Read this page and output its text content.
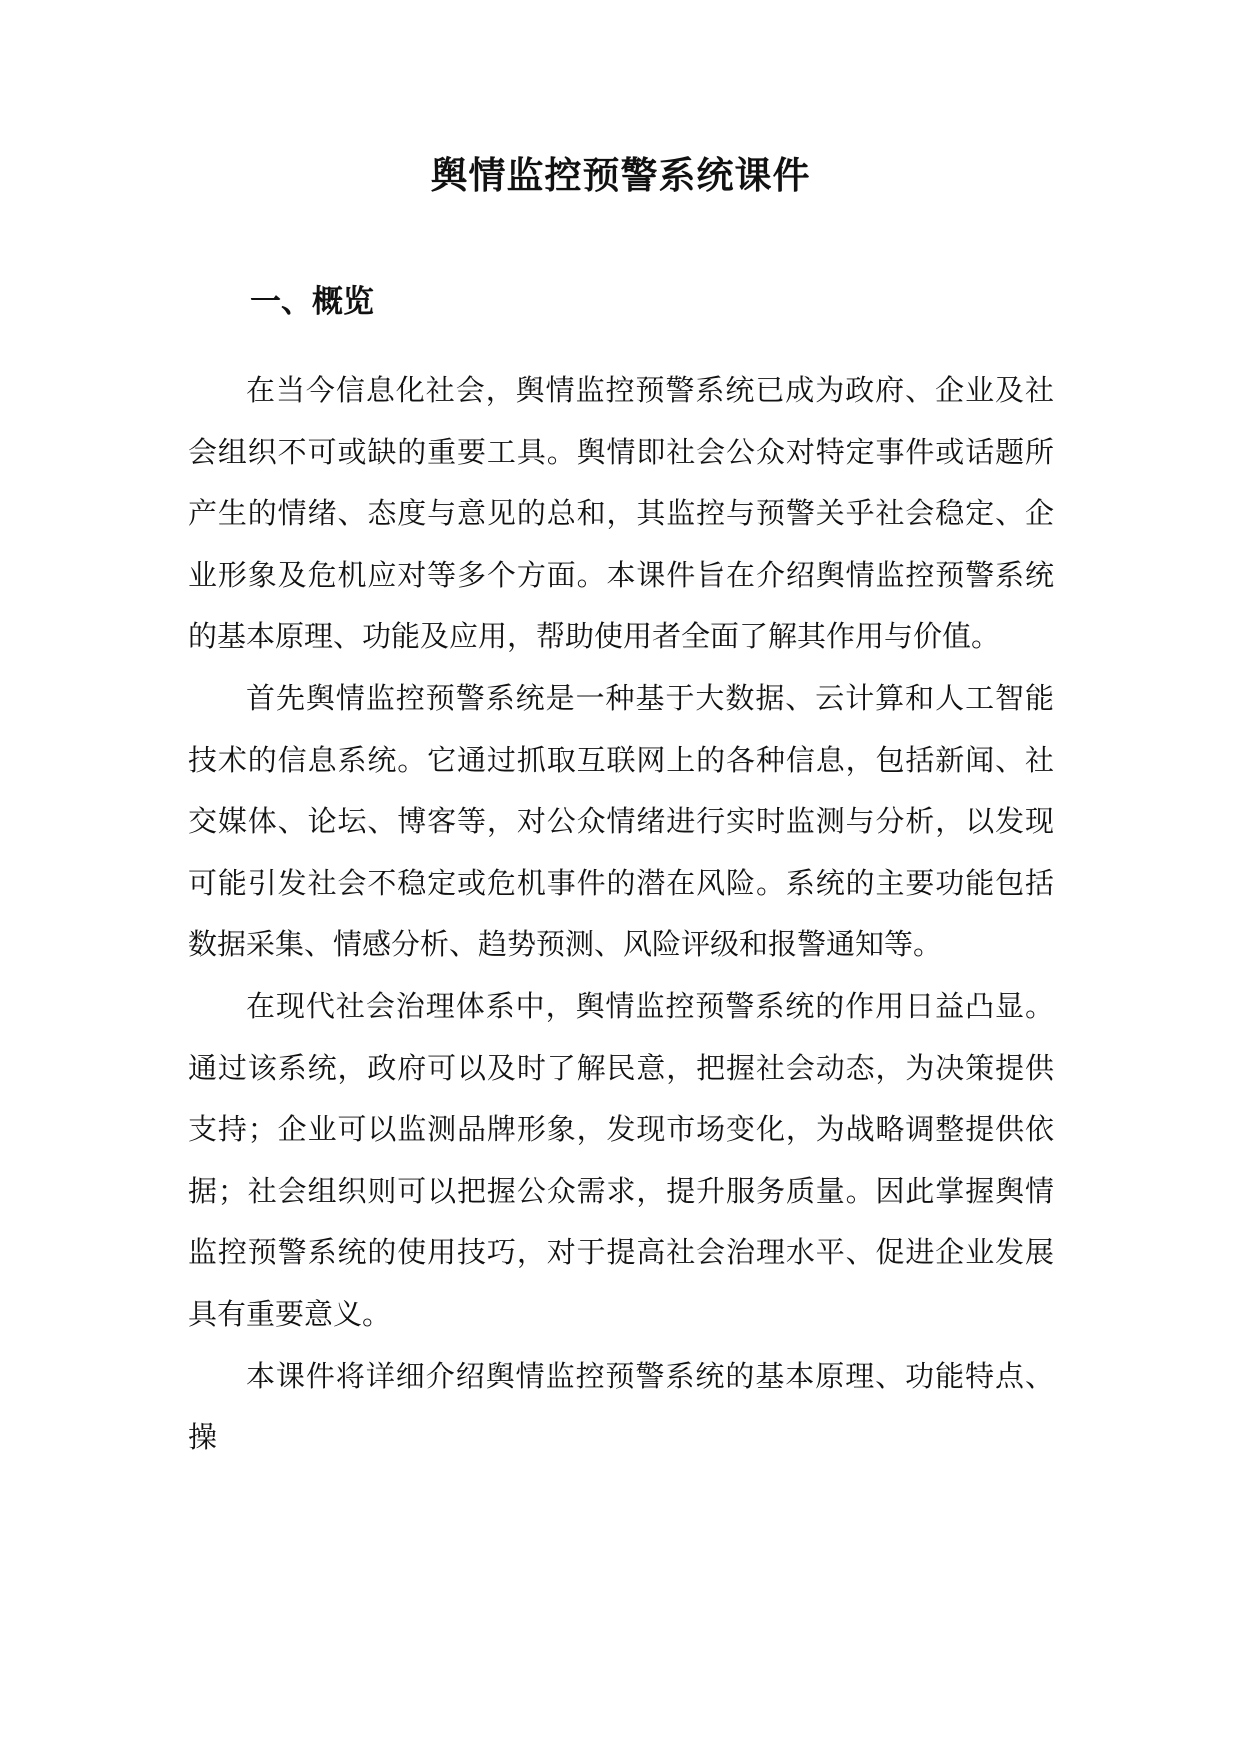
舆情监控预警系统课件
一、概览

在当今信息化社会，舆情监控预警系统已成为政府、企业及社会组织不可或缺的重要工具。舆情即社会公众对特定事件或话题所产生的情绪、态度与意见的总和，其监控与预警关乎社会稳定、企业形象及危机应对等多个方面。本课件旨在介绍舆情监控预警系统的基本原理、功能及应用，帮助使用者全面了解其作用与价值。

首先舆情监控预警系统是一种基于大数据、云计算和人工智能技术的信息系统。它通过抓取互联网上的各种信息，包括新闻、社交媒体、论坛、博客等，对公众情绪进行实时监测与分析，以发现可能引发社会不稳定或危机事件的潜在风险。系统的主要功能包括数据采集、情感分析、趋势预测、风险评级和报警通知等。

在现代社会治理体系中，舆情监控预警系统的作用日益凸显。通过该系统，政府可以及时了解民意，把握社会动态，为决策提供支持；企业可以监测品牌形象，发现市场变化，为战略调整提供依据；社会组织则可以把握公众需求，提升服务质量。因此掌握舆情监控预警系统的使用技巧，对于提高社会治理水平、促进企业发展具有重要意义。

本课件将详细介绍舆情监控预警系统的基本原理、功能特点、操
